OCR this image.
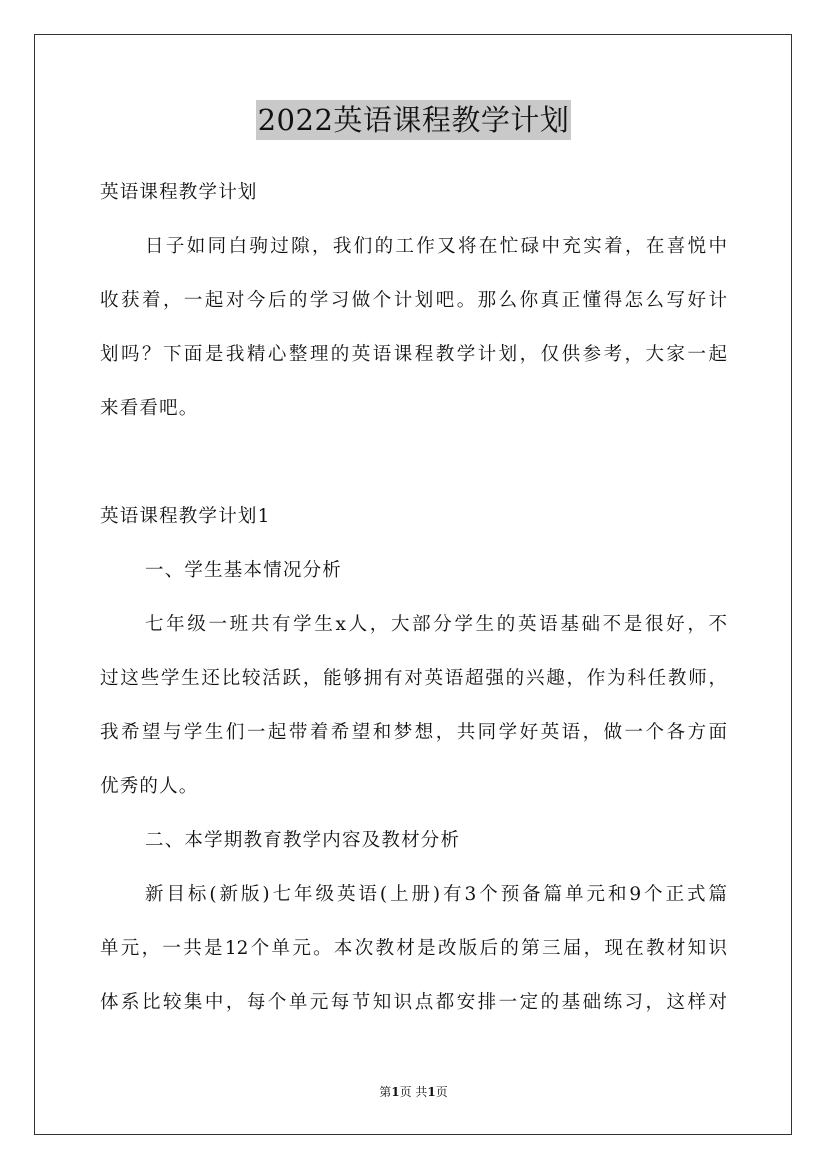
2022英语课程教学计划
英语课程教学计划
日子如同白驹过隙，我们的工作又将在忙碌中充实着，在喜悦中
收获着，一起对今后的学习做个计划吧。那么你真正懂得怎么写好计
划吗？下面是我精心整理的英语课程教学计划，仅供参考，大家一起
来看看吧。
英语课程教学计划1
一、学生基本情况分析
七年级一班共有学生x人，大部分学生的英语基础不是很好，不
过这些学生还比较活跃，能够拥有对英语超强的兴趣，作为科任教师，
我希望与学生们一起带着希望和梦想，共同学好英语，做一个各方面
优秀的人。
二、本学期教育教学内容及教材分析
新目标(新版)七年级英语(上册)有3个预备篇单元和9个正式篇
单元，一共是12个单元。本次教材是改版后的第三届，现在教材知识
体系比较集中，每个单元每节知识点都安排一定的基础练习，这样对
第1页 共1页
